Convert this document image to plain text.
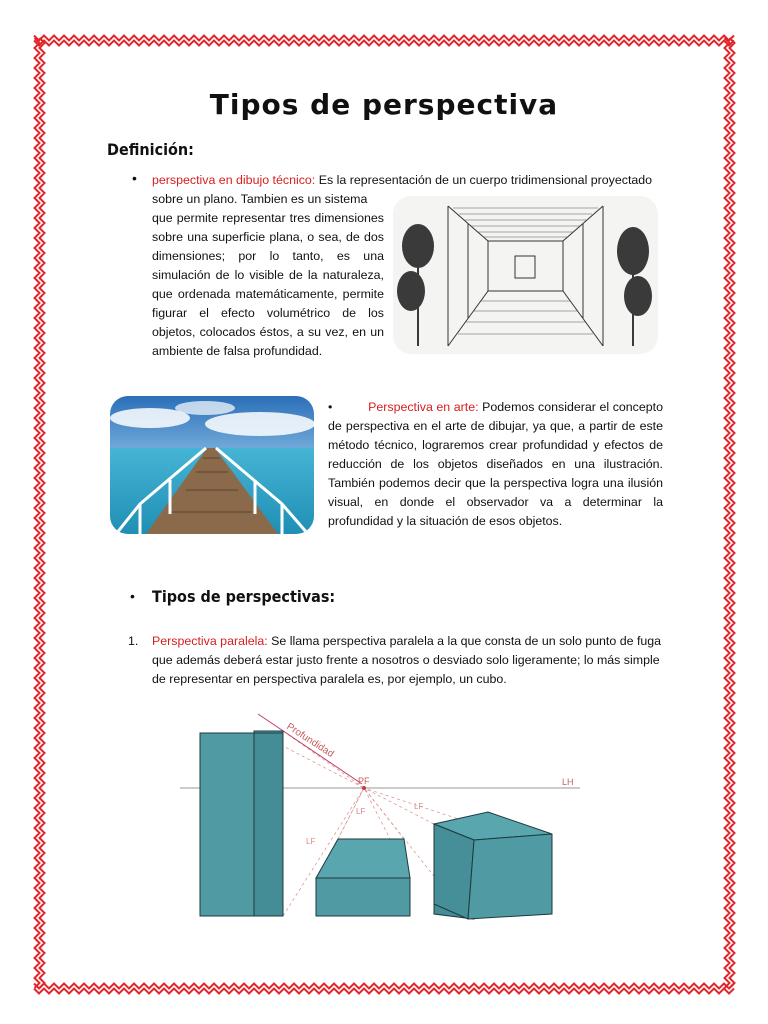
Tipos de perspectiva
Definición:
• perspectiva en dibujo técnico: Es la representación de un cuerpo tridimensional proyectado
sobre un plano. Tambien es un sistema
que permite representar tres dimensiones sobre una superficie plana, o sea, de dos dimensiones; por lo tanto, es una simulación de lo visible de la naturaleza, que ordenada matemáticamente, permite figurar el efecto volumétrico de los objetos, colocados éstos, a su vez, en un ambiente de falsa profundidad.
•          Perspectiva en arte: Podemos considerar el concepto de perspectiva en el arte de dibujar, ya que, a partir de este método técnico, lograremos crear profundidad y efectos de reducción de los objetos diseñados en una ilustración. También podemos decir que la perspectiva logra una ilusión visual, en donde el observador va a determinar la profundidad y la situación de esos objetos.
• Tipos de perspectivas:
1. Perspectiva paralela: Se llama perspectiva paralela a la que consta de un solo punto de fuga que además deberá estar justo frente a nosotros o desviado solo ligeramente; lo más simple de representar en perspectiva paralela es, por ejemplo, un cubo.
Profundidad
PF	LH
LF
LF
LF
